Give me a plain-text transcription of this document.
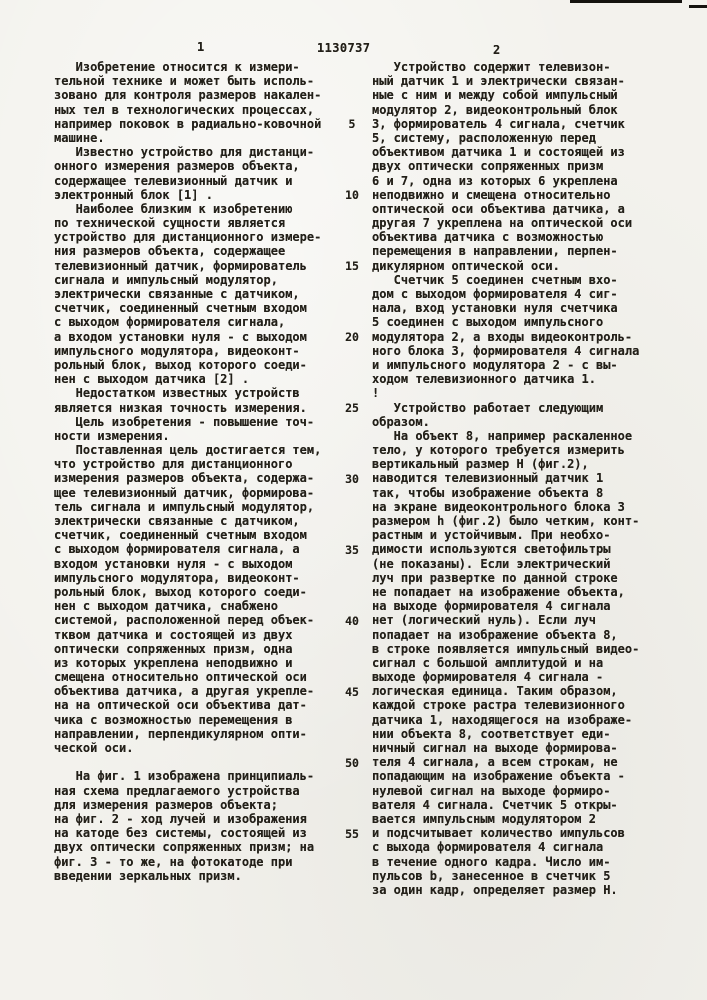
1	1130737	2
Изобретение относится к измери-
тельной технике и может быть исполь-
зовано для контроля размеров накален-
ных тел в технологических процессах,
например поковок в радиально-ковочной
машине.
Известно устройство для дистанци-
онного измерения размеров объекта,
содержащее телевизионный датчик и
электронный блок [1] .
Наиболее близким к изобретению
по технической сущности является
устройство для дистанционного измере-
ния размеров объекта, содержащее
телевизионный датчик, формирователь
сигнала и импульсный модулятор,
электрически связанные с датчиком,
счетчик, соединенный счетным входом
с выходом формирователя сигнала,
а входом установки нуля - с выходом
импульсного модулятора, видеоконт-
рольный блок, выход которого соеди-
нен с выходом датчика [2] .
Недостатком известных устройств
является низкая точность измерения.
Цель изобретения - повышение точ-
ности измерения.
Поставленная цель достигается тем,
что устройство для дистанционного
измерения размеров объекта, содержа-
щее телевизионный датчик, формирова-
тель сигнала и импульсный модулятор,
электрически связанные с датчиком,
счетчик, соединенный счетным входом
с выходом формирователя сигнала, а
входом установки нуля - с выходом
импульсного модулятора, видеоконт-
рольный блок, выход которого соеди-
нен с выходом датчика, снабжено
системой, расположенной перед объек-
тквом датчика и состоящей из двух
оптически сопряженных призм, одна
из которых укреплена неподвижно и
смещена относительно оптической оси
объектива датчика, а другая укрепле-
на на оптической оси объектива дат-
чика с возможностью перемещения в
направлении, перпендикулярном опти-
ческой оси.
На фиг. 1 изображена принципиаль-
ная схема предлагаемого устройства
для измерения размеров объекта;
на фиг. 2 - ход лучей и изображения
на катоде без системы, состоящей из
двух оптически сопряженных призм; на
фиг. 3 - то же, на фотокатоде при
введении зеркальных призм.
5
10
15
20
25
30
35
40
45
50
55
Устройство содержит телевизон-
ный датчик 1 и электрически связан-
ные с ним и между собой импульсный
модулятор 2, видеоконтрольный блок
3, формирователь 4 сигнала, счетчик
5, систему, расположенную перед
объективом датчика 1 и состоящей из
двух оптически сопряженных призм
6 и 7, одна из которых 6 укреплена
неподвижно и смещена относительно
оптической оси объектива датчика, а
другая 7 укреплена на оптической оси
объектива датчика с возможностью
перемещения в направлении, перпен-
дикулярном оптической оси.
Счетчик 5 соединен счетным вхо-
дом с выходом формирователя 4 сиг-
нала, вход установки нуля счетчика
5 соединен с выходом импульсного
модулятора 2, а входы видеоконтроль-
ного блока 3, формирователя 4 сигнала
и импульсного модулятора 2 - с вы-
ходом телевизионного датчика 1.
!
Устройство работает следующим
образом.
На объект 8, например раскаленное
тело, у которого требуется измерить
вертикальный размер Н (фиг.2),
наводится телевизионный датчик 1
так, чтобы изображение объекта 8
на экране видеоконтрольного блока 3
размером h (фиг.2) было четким, конт-
растным и устойчивым. При необхо-
димости используются светофильтры
(не показаны). Если электрический
луч при развертке по данной строке
не попадает на изображение объекта,
на выходе формирователя 4 сигнала
нет (логический нуль). Если луч
попадает на изображение объекта 8,
в строке появляется импульсный видео-
сигнал с большой амплитудой и на
выходе формирователя 4 сигнала -
логическая единица. Таким образом,
каждой строке растра телевизионного
датчика 1, находящегося на изображе-
нии объекта 8, соответствует еди-
ничный сигнал на выходе формирова-
теля 4 сигнала, а всем строкам, не
попадающим на изображение объекта -
нулевой сигнал на выходе формиро-
вателя 4 сигнала. Счетчик 5 откры-
вается импульсным модулятором 2
и подсчитывает количество импульсов
с выхода формирователя 4 сигнала
в течение одного кадра. Число им-
пульсов b, занесенное в счетчик 5
за один кадр, определяет размер Н.
